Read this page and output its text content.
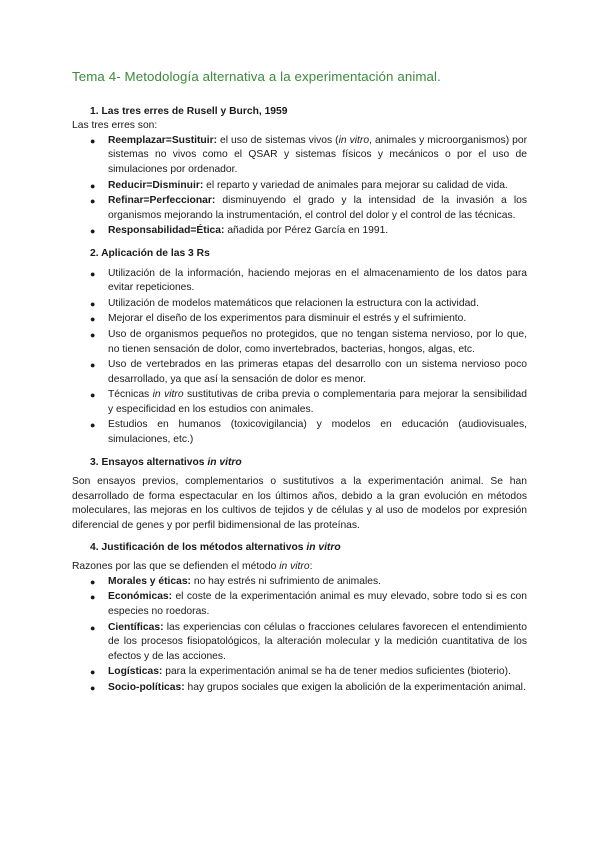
Tema 4- Metodología alternativa a la experimentación animal.
1. Las tres erres de Rusell y Burch, 1959

Las tres erres son:

● Reemplazar=Sustituir: el uso de sistemas vivos (in vitro, animales y microorganismos) por sistemas no vivos como el QSAR y sistemas físicos y mecánicos o por el uso de simulaciones por ordenador.
● Reducir=Disminuir: el reparto y variedad de animales para mejorar su calidad de vida.
● Refinar=Perfeccionar: disminuyendo el grado y la intensidad de la invasión a los organismos mejorando la instrumentación, el control del dolor y el control de las técnicas.
● Responsabilidad=Ética: añadida por Pérez García en 1991.
2. Aplicación de las 3 Rs
● Utilización de la información, haciendo mejoras en el almacenamiento de los datos para evitar repeticiones.
● Utilización de modelos matemáticos que relacionen la estructura con la actividad.
● Mejorar el diseño de los experimentos para disminuir el estrés y el sufrimiento.
● Uso de organismos pequeños no protegidos, que no tengan sistema nervioso, por lo que, no tienen sensación de dolor, como invertebrados, bacterias, hongos, algas, etc.
● Uso de vertebrados en las primeras etapas del desarrollo con un sistema nervioso poco desarrollado, ya que así la sensación de dolor es menor.
● Técnicas in vitro sustitutivas de criba previa o complementaria para mejorar la sensibilidad y especificidad en los estudios con animales.
● Estudios en humanos (toxicovigilancia) y modelos en educación (audiovisuales, simulaciones, etc.)
3. Ensayos alternativos in vitro

Son ensayos previos, complementarios o sustitutivos a la experimentación animal. Se han desarrollado de forma espectacular en los últimos años, debido a la gran evolución en métodos moleculares, las mejoras en los cultivos de tejidos y de células y al uso de modelos por expresión diferencial de genes y por perfil bidimensional de las proteínas.

4. Justificación de los métodos alternativos in vitro

Razones por las que se defienden el método in vitro:

● Morales y éticas: no hay estrés ni sufrimiento de animales.
● Económicas: el coste de la experimentación animal es muy elevado, sobre todo si es con especies no roedoras.
● Científicas: las experiencias con células o fracciones celulares favorecen el entendimiento de los procesos fisiopatológicos, la alteración molecular y la medición cuantitativa de los efectos y de las acciones.
● Logísticas: para la experimentación animal se ha de tener medios suficientes (bioterio).
● Socio-políticas: hay grupos sociales que exigen la abolición de la experimentación animal.
